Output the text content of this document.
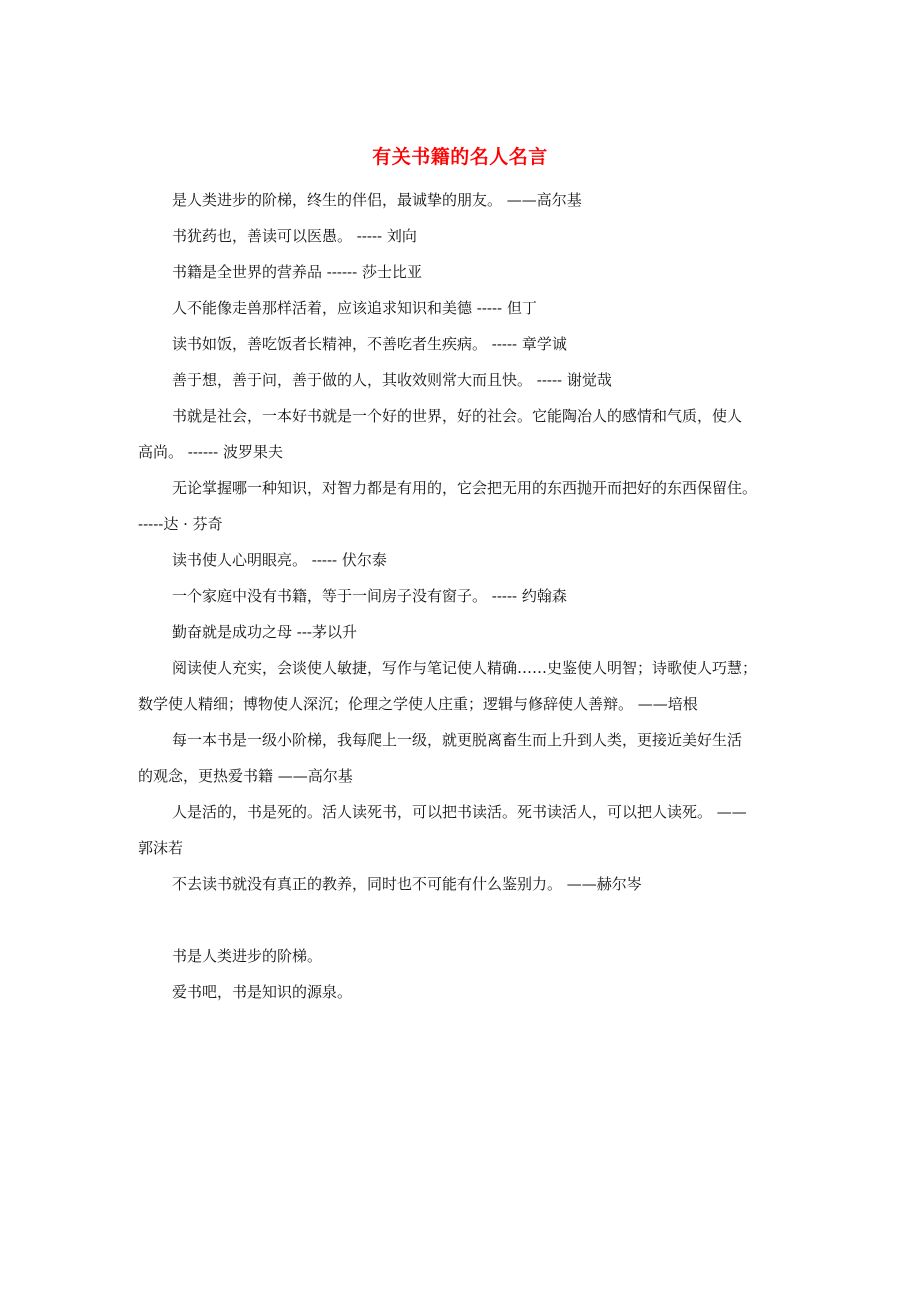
有关书籍的名人名言
是人类进步的阶梯，终生的伴侣，最诚挚的朋友。 ——高尔基
书犹药也，善读可以医愚。 ----- 刘向
书籍是全世界的营养品 ------ 莎士比亚
人不能像走兽那样活着，应该追求知识和美德 ----- 但丁
读书如饭，善吃饭者长精神，不善吃者生疾病。 ----- 章学诚
善于想，善于问，善于做的人，其收效则常大而且快。 ----- 谢觉哉
书就是社会，一本好书就是一个好的世界，好的社会。它能陶冶人的感情和气质，使人
高尚。 ------ 波罗果夫
无论掌握哪一种知识，对智力都是有用的，它会把无用的东西抛开而把好的东西保留住。
-----达 · 芬奇
读书使人心明眼亮。 ----- 伏尔泰
一个家庭中没有书籍，等于一间房子没有窗子。 ----- 约翰森
勤奋就是成功之母 ---茅以升
阅读使人充实，会谈使人敏捷，写作与笔记使人精确……史鉴使人明智；诗歌使人巧慧；
数学使人精细；博物使人深沉；伦理之学使人庄重；逻辑与修辞使人善辩。 ——培根
每一本书是一级小阶梯，我每爬上一级，就更脱离畜生而上升到人类，更接近美好生活
的观念，更热爱书籍 ——高尔基
人是活的，书是死的。活人读死书，可以把书读活。死书读活人，可以把人读死。 ——
郭沫若
不去读书就没有真正的教养，同时也不可能有什么鉴别力。 ——赫尔岑
书是人类进步的阶梯。
爱书吧，书是知识的源泉。
